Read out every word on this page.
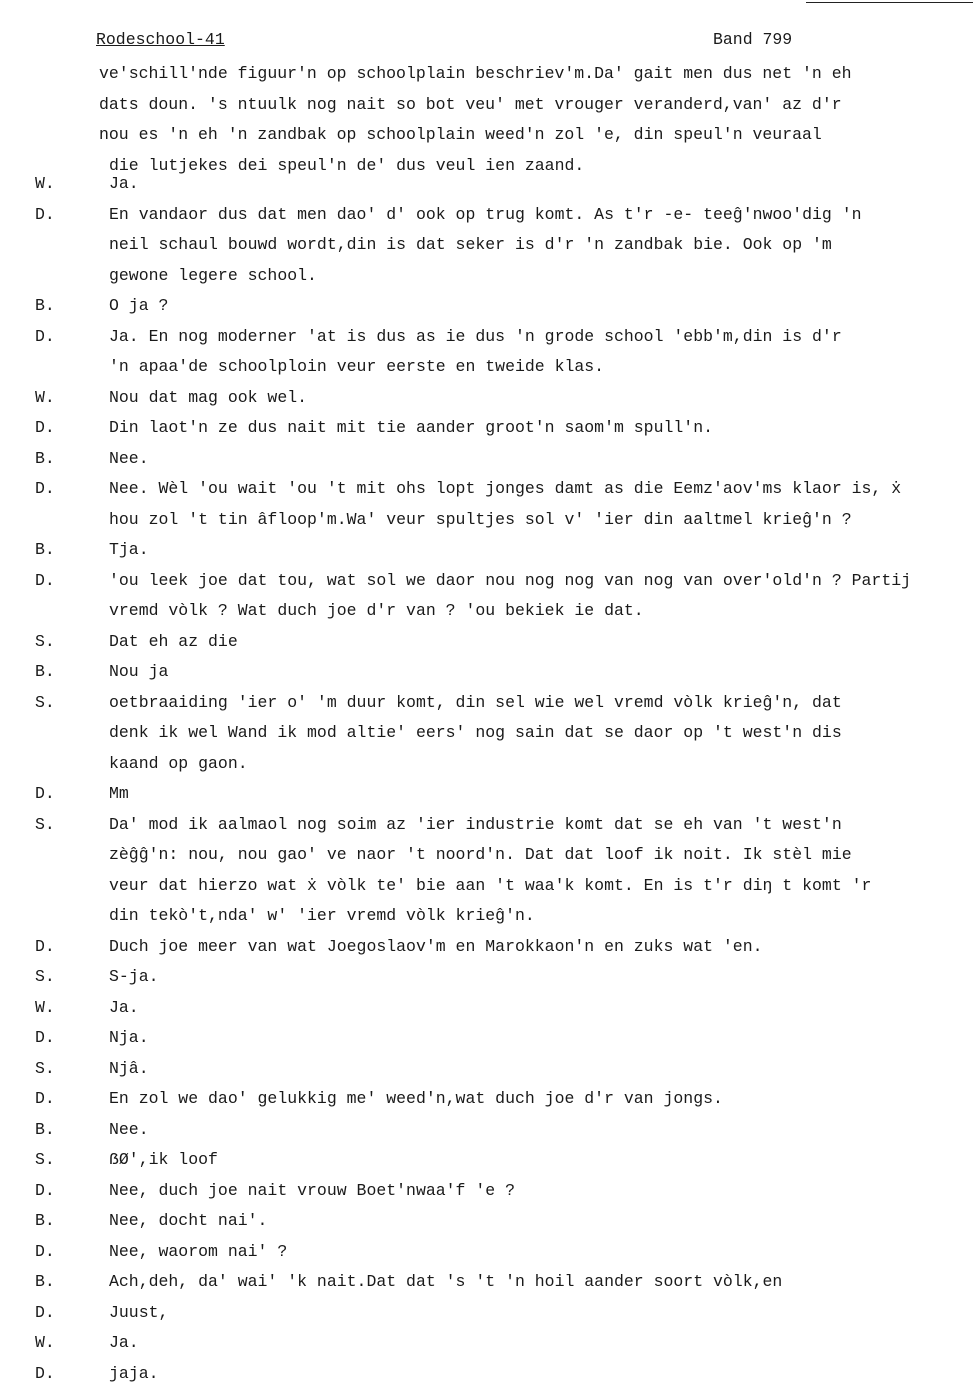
Rodeschool-41	Band 799
ve'schill'nde figuur'n op schoolplain beschriev'm.Da' gait men dus net 'n eh
dats doun. 's ntuulk nog nait so bot veu' met vrouger veranderd,van' az d'r
nou es 'n eh 'n zandbak op schoolplain weed'n zol 'e, din speul'n veuraal
die lutjekes dei speul'n de' dus veul ien zaand.
W.	Ja.
D.	En vandaor dus dat men dao' d' ook op trug komt. As t'r -e- teeĝ'nwoo'dig 'n
neil schaul bouwd wordt,din is dat seker is d'r 'n zandbak bie. Ook op 'm
gewone legere school.
B.	O ja ?
D.	Ja. En nog moderner 'at is dus as ie dus 'n grode school 'ebb'm,din is d'r
'n apaa'de schoolploin veur eerste en tweide klas.
W.	Nou dat mag ook wel.
D.	Din laot'n ze dus nait mit tie aander groot'n saom'm spull'n.
B.	Nee.
D.	Nee. Wèl 'ou wait 'ou 't mit ohs lopt jonges damt as die Eemz'aov'ms klaor is, ẋ
hou zol 't tin âfloop'm.Wa' veur spultjes sol v' 'ier din aaltmel krieĝ'n ?
B.	Tja.
D.	'ou leek joe dat tou, wat sol we daor nou nog nog van nog van over'old'n ? Partij
vremd vòlk ? Wat duch joe d'r van ? 'ou bekiek ie dat.
S.	Dat eh az die
B.	Nou ja
S.	oetbraaiding 'ier o' 'm duur komt, din sel wie wel vremd vòlk krieĝ'n, dat
denk ik wel Wand ik mod altie' eers' nog sain dat se daor op 't west'n dis
kaand op gaon.
D.	Mm
S.	Da' mod ik aalmaol nog soim az 'ier industrie komt dat se eh van 't west'n
zèĝĝ'n: nou, nou gao' ve naor 't noord'n. Dat dat loof ik noit. Ik stèl mie
veur dat hierzo wat ẋ vòlk te' bie aan 't waa'k komt. En is t'r diŋ t komt 'r
din tekò't,nda' w' 'ier vremd vòlk krieĝ'n.
D.	Duch joe meer van wat Joegoslaov'm en Marokkaon'n en zuks wat 'en.
S.	S-ja.
W.	Ja.
D.	Nja.
S.	Njâ.
D.	En zol we dao' gelukkig me' weed'n,wat duch joe d'r van jongs.
B.	Nee.
S.	ẞØ',ik loof
D.	Nee, duch joe nait vrouw Boet'nwaa'f 'e ?
B.	Nee, docht nai'.
D.	Nee, waorom nai' ?
B.	Ach,deh, da' wai' 'k nait.Dat dat 's 't 'n hoil aander soort vòlk,en
D.	Juust,
W.	Ja.
D.	jaja.
